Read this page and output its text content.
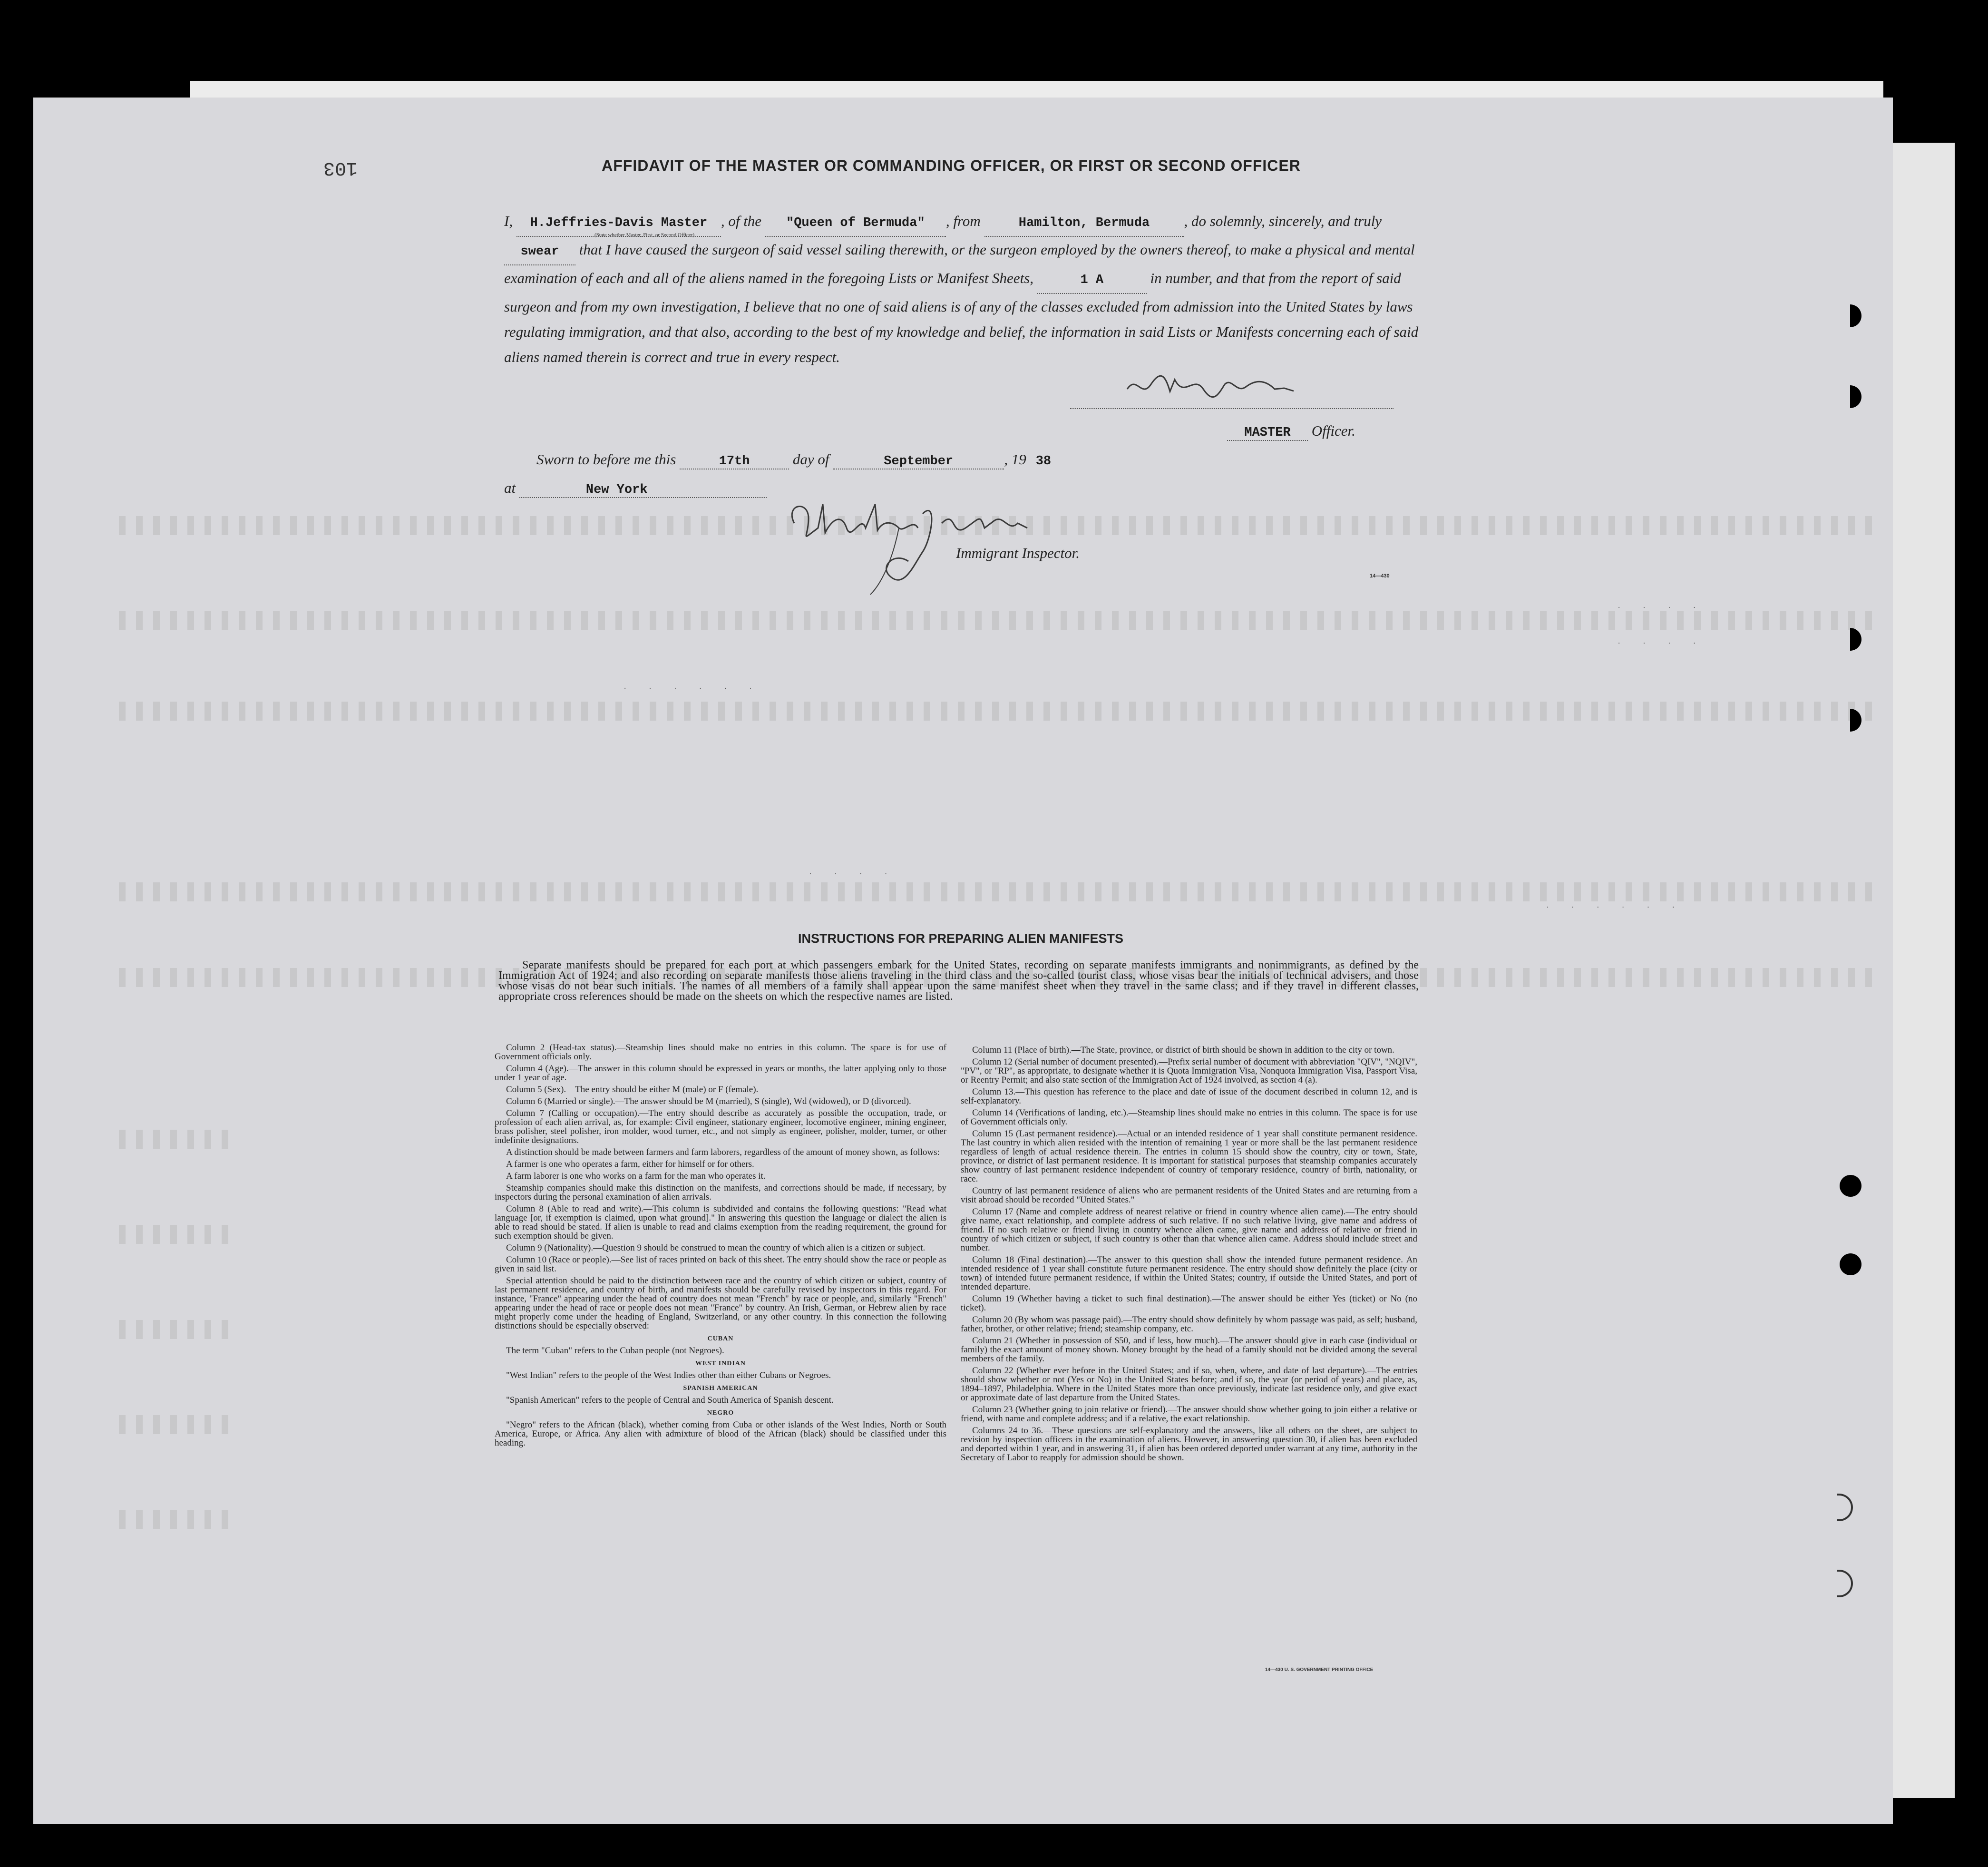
103	AFFIDAVIT OF THE MASTER OR COMMANDING OFFICER, OR FIRST OR SECOND OFFICER
I, H.Jeffries-Davis Master , of the "Queen of Bermuda" , from	Hamilton, Bermuda , do solemnly, sincerely, and truly swear that I have caused the surgeon of said vessel sailing therewith, or the surgeon employed by the owners thereof, to make a physical and mental examination of each and all of the aliens named in the foregoing Lists or Manifest Sheets,	1 A	in number, and that from the report of said surgeon and from my own investigation, I believe that no one of said aliens is of any of the classes excluded from admission into the United States by laws regulating immigration, and that also, according to the best of my knowledge and belief, the information in said Lists or Manifests concerning each of said aliens named therein is correct and true in every respect.
(State whether Master, First, or Second Officer)
MASTER Officer.
Sworn to before me this	17th	day of	September	, 19 38
at	New York
Immigrant Inspector.
14—430
· · · · · ·
· · · ·
· · · ·
· · · · · ·
· · · ·
INSTRUCTIONS FOR PREPARING ALIEN MANIFESTS

Separate manifests should be prepared for each port at which passengers embark for the United States, recording on separate manifests immigrants and nonimmigrants, as defined by the Immigration Act of 1924; and also recording on separate manifests those aliens traveling in the third class and the so-called tourist class, whose visas bear the initials of technical advisers, and those whose visas do not bear such initials. The names of all members of a family shall appear upon the same manifest sheet when they travel in the same class; and if they travel in different classes, appropriate cross references should be made on the sheets on which the respective names are listed.

Column 2 (Head-tax status).—Steamship lines should make no entries in this column. The space is for use of Government officials only.

Column 4 (Age).—The answer in this column should be expressed in years or months, the latter applying only to those under 1 year of age.

Column 5 (Sex).—The entry should be either M (male) or F (female).

Column 6 (Married or single).—The answer should be M (married), S (single), Wd (widowed), or D (divorced).

Column 7 (Calling or occupation).—The entry should describe as accurately as possible the occupation, trade, or profession of each alien arrival, as, for example: Civil engineer, stationary engineer, locomotive engineer, mining engineer, brass polisher, steel polisher, iron molder, wood turner, etc., and not simply as engineer, polisher, molder, turner, or other indefinite designations.

A distinction should be made between farmers and farm laborers, regardless of the amount of money shown, as follows:

A farmer is one who operates a farm, either for himself or for others.

A farm laborer is one who works on a farm for the man who operates it.

Steamship companies should make this distinction on the manifests, and corrections should be made, if necessary, by inspectors during the personal examination of alien arrivals.

Column 8 (Able to read and write).—This column is subdivided and contains the following questions: "Read what language [or, if exemption is claimed, upon what ground]." In answering this question the language or dialect the alien is able to read should be stated. If alien is unable to read and claims exemption from the reading requirement, the ground for such exemption should be given.

Column 9 (Nationality).—Question 9 should be construed to mean the country of which alien is a citizen or subject.

Column 10 (Race or people).—See list of races printed on back of this sheet. The entry should show the race or people as given in said list.

Special attention should be paid to the distinction between race and the country of which citizen or subject, country of last permanent residence, and country of birth, and manifests should be carefully revised by inspectors in this regard. For instance, "France" appearing under the head of country does not mean "French" by race or people, and, similarly "French" appearing under the head of race or people does not mean "France" by country. An Irish, German, or Hebrew alien by race might properly come under the heading of England, Switzerland, or any other country. In this connection the following distinctions should be especially observed:

CUBAN

The term "Cuban" refers to the Cuban people (not Negroes).

WEST INDIAN

"West Indian" refers to the people of the West Indies other than either Cubans or Negroes.

SPANISH AMERICAN

"Spanish American" refers to the people of Central and South America of Spanish descent.

NEGRO

"Negro" refers to the African (black), whether coming from Cuba or other islands of the West Indies, North or South America, Europe, or Africa. Any alien with admixture of blood of the African (black) should be classified under this heading.

Column 11 (Place of birth).—The State, province, or district of birth should be shown in addition to the city or town.

Column 12 (Serial number of document presented).—Prefix serial number of document with abbreviation "QIV", "NQIV", "PV", or "RP", as appropriate, to designate whether it is Quota Immigration Visa, Nonquota Immigration Visa, Passport Visa, or Reentry Permit; and also state section of the Immigration Act of 1924 involved, as section 4 (a).

Column 13.—This question has reference to the place and date of issue of the document described in column 12, and is self-explanatory.

Column 14 (Verifications of landing, etc.).—Steamship lines should make no entries in this column. The space is for use of Government officials only.

Column 15 (Last permanent residence).—Actual or an intended residence of 1 year shall constitute permanent residence. The last country in which alien resided with the intention of remaining 1 year or more shall be the last permanent residence regardless of length of actual residence therein. The entries in column 15 should show the country, city or town, State, province, or district of last permanent residence. It is important for statistical purposes that steamship companies accurately show country of last permanent residence independent of country of temporary residence, country of birth, nationality, or race.

Country of last permanent residence of aliens who are permanent residents of the United States and are returning from a visit abroad should be recorded "United States."

Column 17 (Name and complete address of nearest relative or friend in country whence alien came).—The entry should give name, exact relationship, and complete address of such relative. If no such relative living, give name and address of friend. If no such relative or friend living in country whence alien came, give name and address of relative or friend in country of which citizen or subject, if such country is other than that whence alien came. Address should include street and number.

Column 18 (Final destination).—The answer to this question shall show the intended future permanent residence. An intended residence of 1 year shall constitute future permanent residence. The entry should show definitely the place (city or town) of intended future permanent residence, if within the United States; country, if outside the United States, and port of intended departure.

Column 19 (Whether having a ticket to such final destination).—The answer should be either Yes (ticket) or No (no ticket).

Column 20 (By whom was passage paid).—The entry should show definitely by whom passage was paid, as self; husband, father, brother, or other relative; friend; steamship company, etc.

Column 21 (Whether in possession of $50, and if less, how much).—The answer should give in each case (individual or family) the exact amount of money shown. Money brought by the head of a family should not be divided among the several members of the family.

Column 22 (Whether ever before in the United States; and if so, when, where, and date of last departure).—The entries should show whether or not (Yes or No) in the United States before; and if so, the year (or period of years) and place, as, 1894–1897, Philadelphia. Where in the United States more than once previously, indicate last residence only, and give exact or approximate date of last departure from the United States.

Column 23 (Whether going to join relative or friend).—The answer should show whether going to join either a relative or friend, with name and complete address; and if a relative, the exact relationship.

Columns 24 to 36.—These questions are self-explanatory and the answers, like all others on the sheet, are subject to revision by inspection officers in the examination of aliens. However, in answering question 30, if alien has been excluded and deported within 1 year, and in answering 31, if alien has been ordered deported under warrant at any time, authority in the Secretary of Labor to reapply for admission should be shown.

14—430 U. S. GOVERNMENT PRINTING OFFICE
